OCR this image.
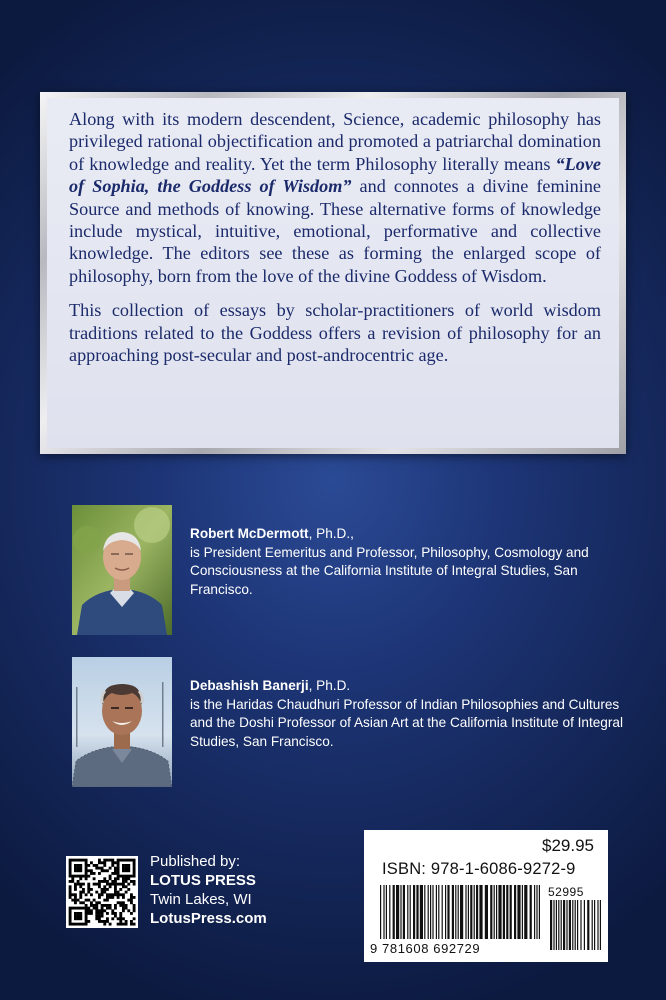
Along with its modern descendent, Science, academic philosophy has privileged rational objectification and promoted a patriarchal domination of knowledge and reality. Yet the term Philosophy literally means “Love of Sophia, the Goddess of Wisdom” and connotes a divine feminine Source and methods of knowing. These alternative forms of knowledge include mystical, intuitive, emotional, performative and collective knowledge. The editors see these as forming the enlarged scope of philosophy, born from the love of the divine Goddess of Wisdom.

This collection of essays by scholar-practitioners of world wisdom traditions related to the Goddess offers a revision of philosophy for an approaching post-secular and post-androcentric age.

Robert McDermott, Ph.D.,
is President Eemeritus and Professor, Philosophy, Cosmology and Consciousness at the California Institute of Integral Studies, San Francisco.
Debashish Banerji, Ph.D.
is the Haridas Chaudhuri Professor of Indian Philosophies and Cultures and the Doshi Professor of Asian Art at the California Institute of Integral Studies, San Francisco.
Published by:
LOTUS PRESS
Twin Lakes, WI
LotusPress.com
$29.95
ISBN: 978-1-6086-9272-9
52995
9 781608 692729
